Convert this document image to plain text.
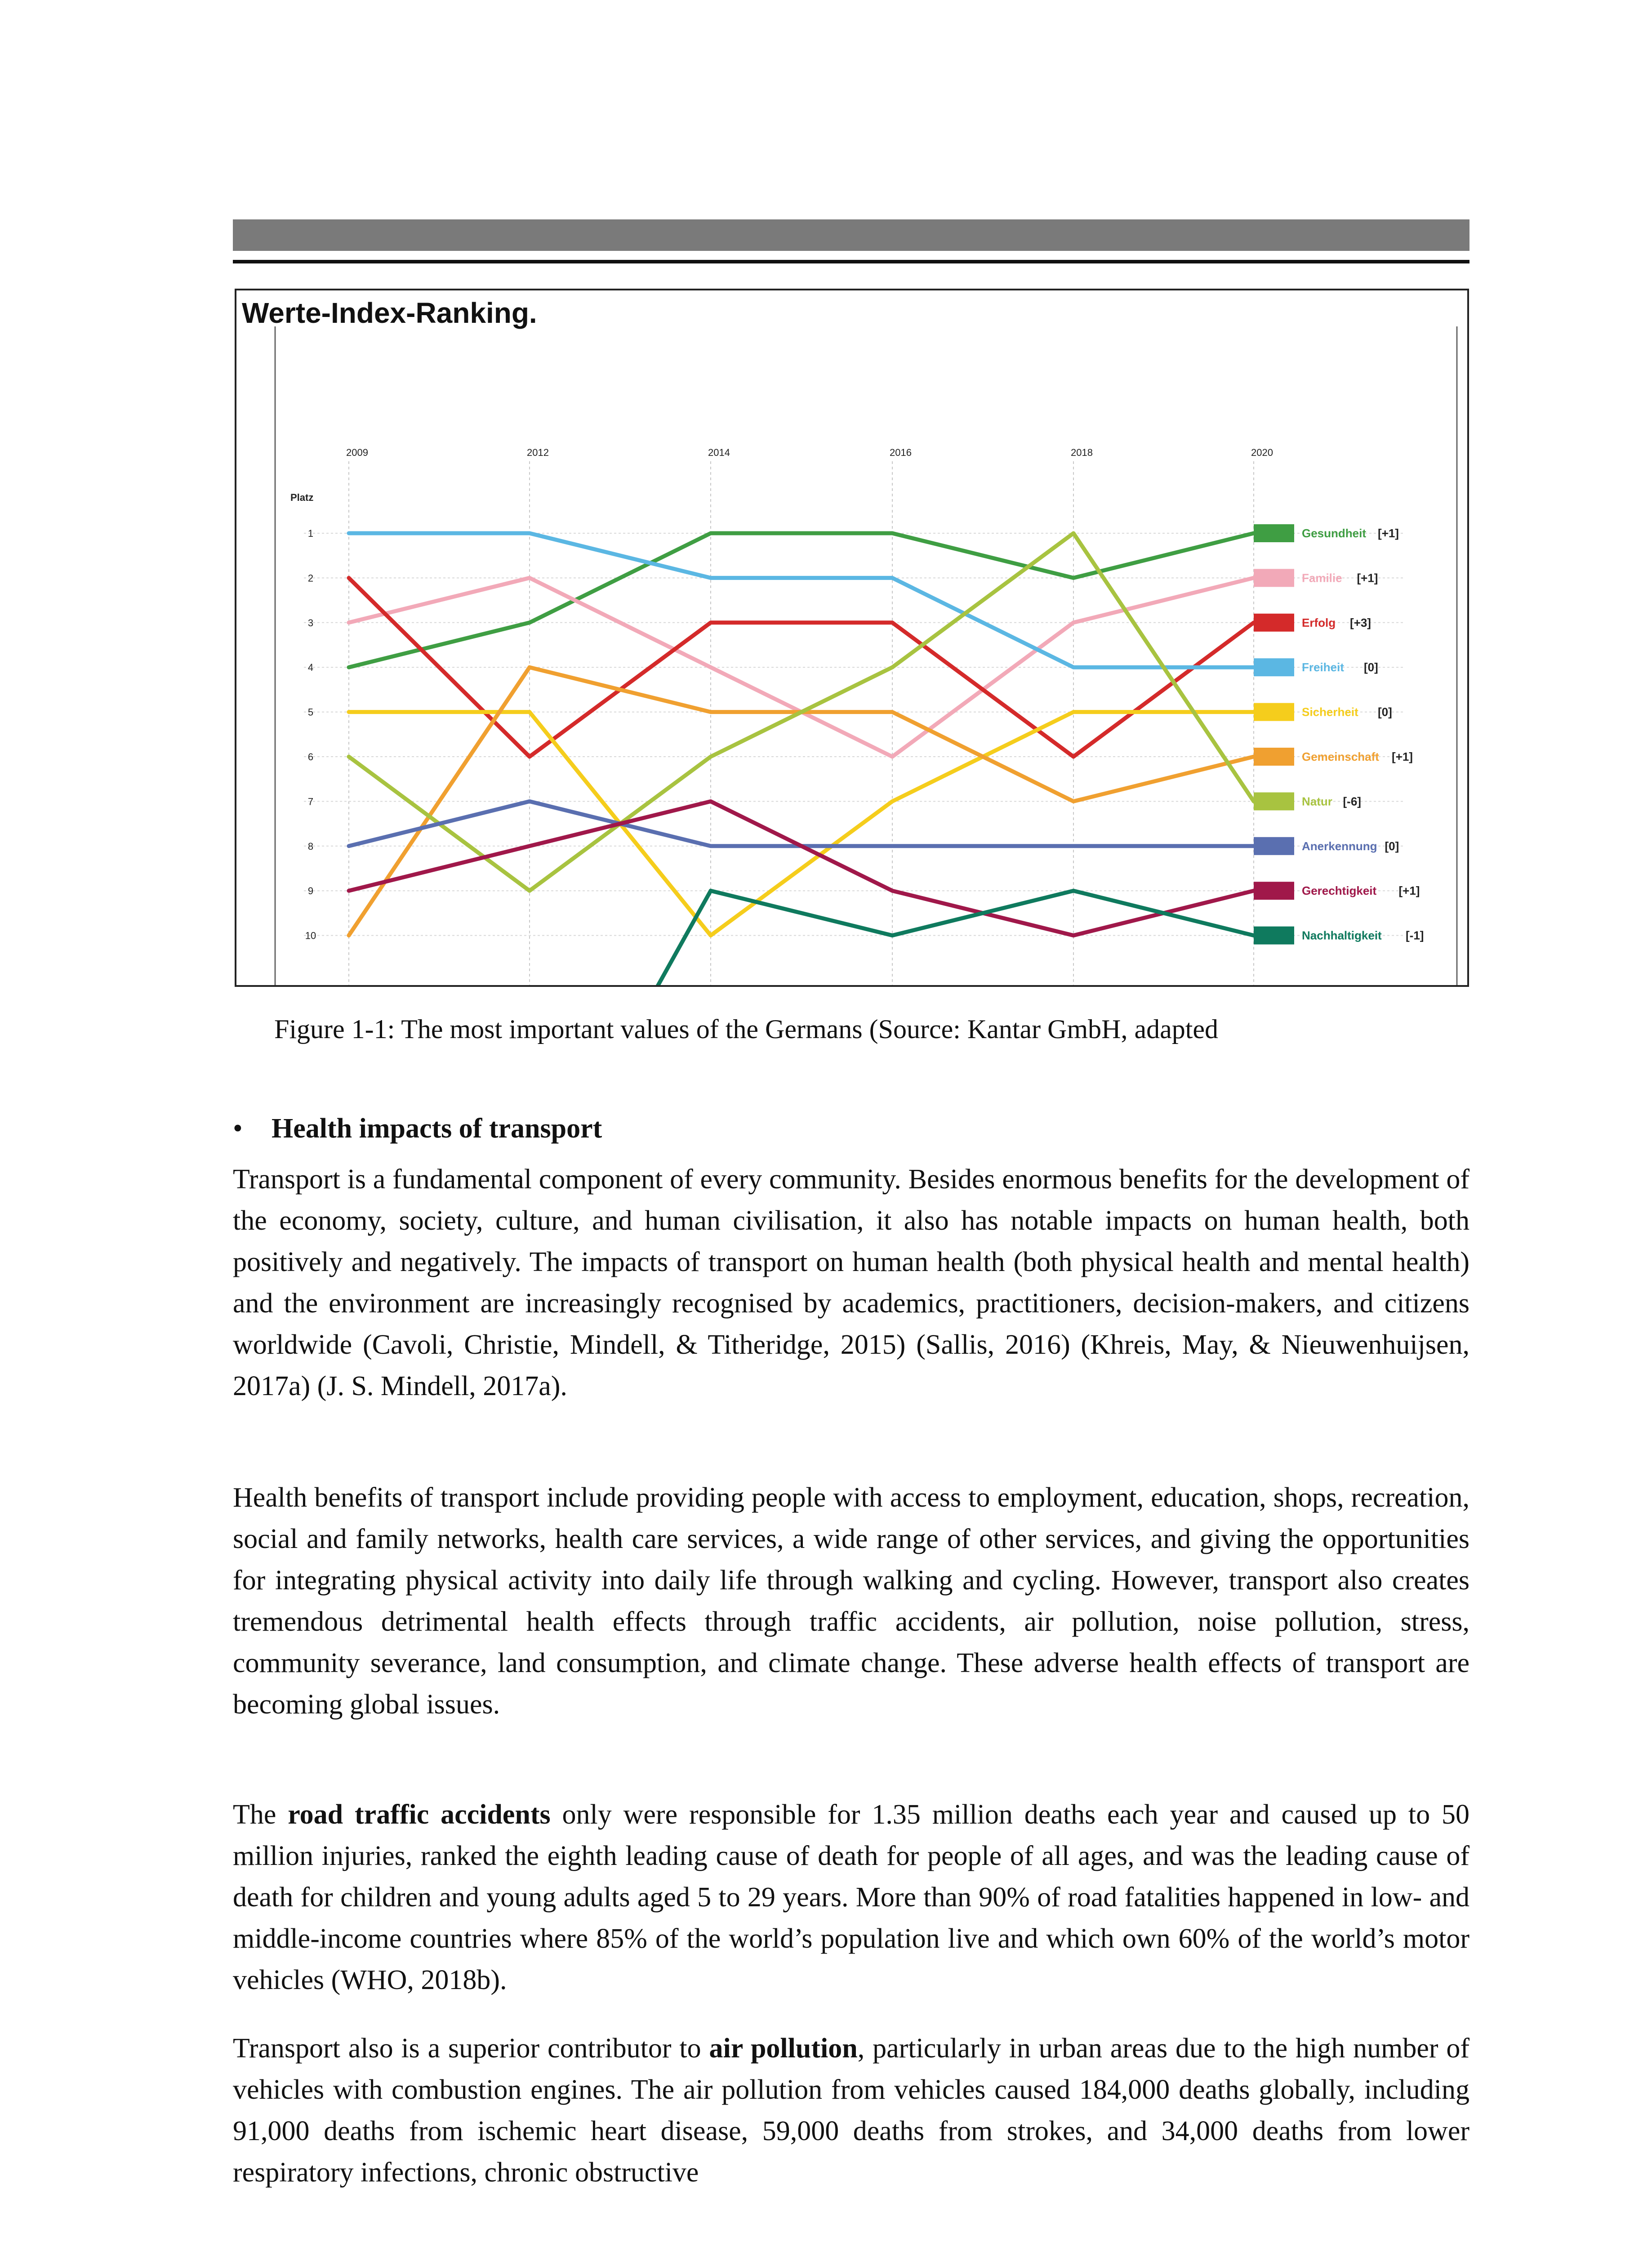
Werte-Index-Ranking.
2009	2012	2014	2016	2018	2020
Platz
1
2
3
4
5
6
7
8
9
10
Gesundheit [+1]
Familie [+1]
Erfolg [+3]
Freiheit [0]
Sicherheit [0]
Gemeinschaft [+1]
Natur [-6]
Anerkennung [0]
Gerechtigkeit [+1]
Nachhaltigkeit [-1]
Figure 1-1: The most important values of the Germans (Source: Kantar GmbH, adapted
• Health impacts of transport
Transport is a fundamental component of every community. Besides enormous benefits for the development of the economy, society, culture, and human civilisation, it also has notable impacts on human health, both positively and negatively. The impacts of transport on human health (both physical health and mental health) and the environment are increasingly recognised by academics, practitioners, decision-makers, and citizens worldwide (Cavoli, Christie, Mindell, & Titheridge, 2015) (Sallis, 2016) (Khreis, May, & Nieuwenhuijsen, 2017a) (J. S. Mindell, 2017a).
Health benefits of transport include providing people with access to employment, education, shops, recreation, social and family networks, health care services, a wide range of other services, and giving the opportunities for integrating physical activity into daily life through walking and cycling. However, transport also creates tremendous detrimental health effects through traffic accidents, air pollution, noise pollution, stress, community severance, land consumption, and climate change. These adverse health effects of transport are becoming global issues.
The road traffic accidents only were responsible for 1.35 million deaths each year and caused up to 50 million injuries, ranked the eighth leading cause of death for people of all ages, and was the leading cause of death for children and young adults aged 5 to 29 years. More than 90% of road fatalities happened in low- and middle-income countries where 85% of the world’s population live and which own 60% of the world’s motor vehicles (WHO, 2018b).
Transport also is a superior contributor to air pollution, particularly in urban areas due to the high number of vehicles with combustion engines. The air pollution from vehicles caused 184,000 deaths globally, including 91,000 deaths from ischemic heart disease, 59,000 deaths from strokes, and 34,000 deaths from lower respiratory infections, chronic obstructive
